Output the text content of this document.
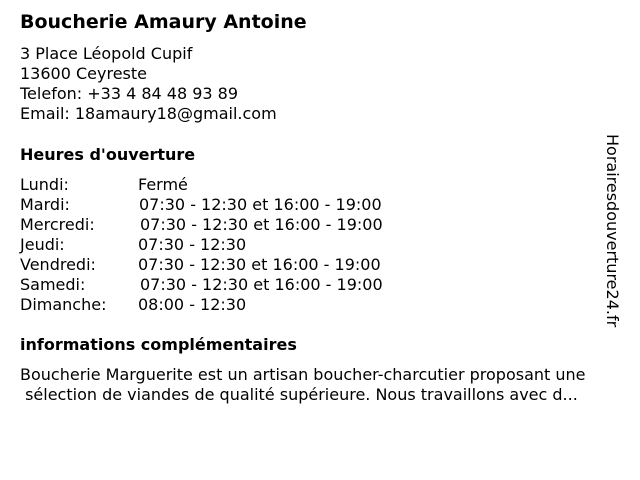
Boucherie Amaury Antoine
3 Place Léopold Cupif
13600 Ceyreste
Telefon: +33 4 84 48 93 89
Email: 18amaury18@gmail.com
Heures d'ouverture
Lundi:	Fermé
Mardi:	07:30 - 12:30 et 16:00 - 19:00
Mercredi:	07:30 - 12:30 et 16:00 - 19:00
Jeudi:	07:30 - 12:30
Vendredi:	07:30 - 12:30 et 16:00 - 19:00
Samedi:	07:30 - 12:30 et 16:00 - 19:00
Dimanche: 08:00 - 12:30
informations complémentaires
Boucherie Marguerite est un artisan boucher-charcutier proposant une
sélection de viandes de qualité supérieure. Nous travaillons avec d...
Horairesdouverture24.fr
